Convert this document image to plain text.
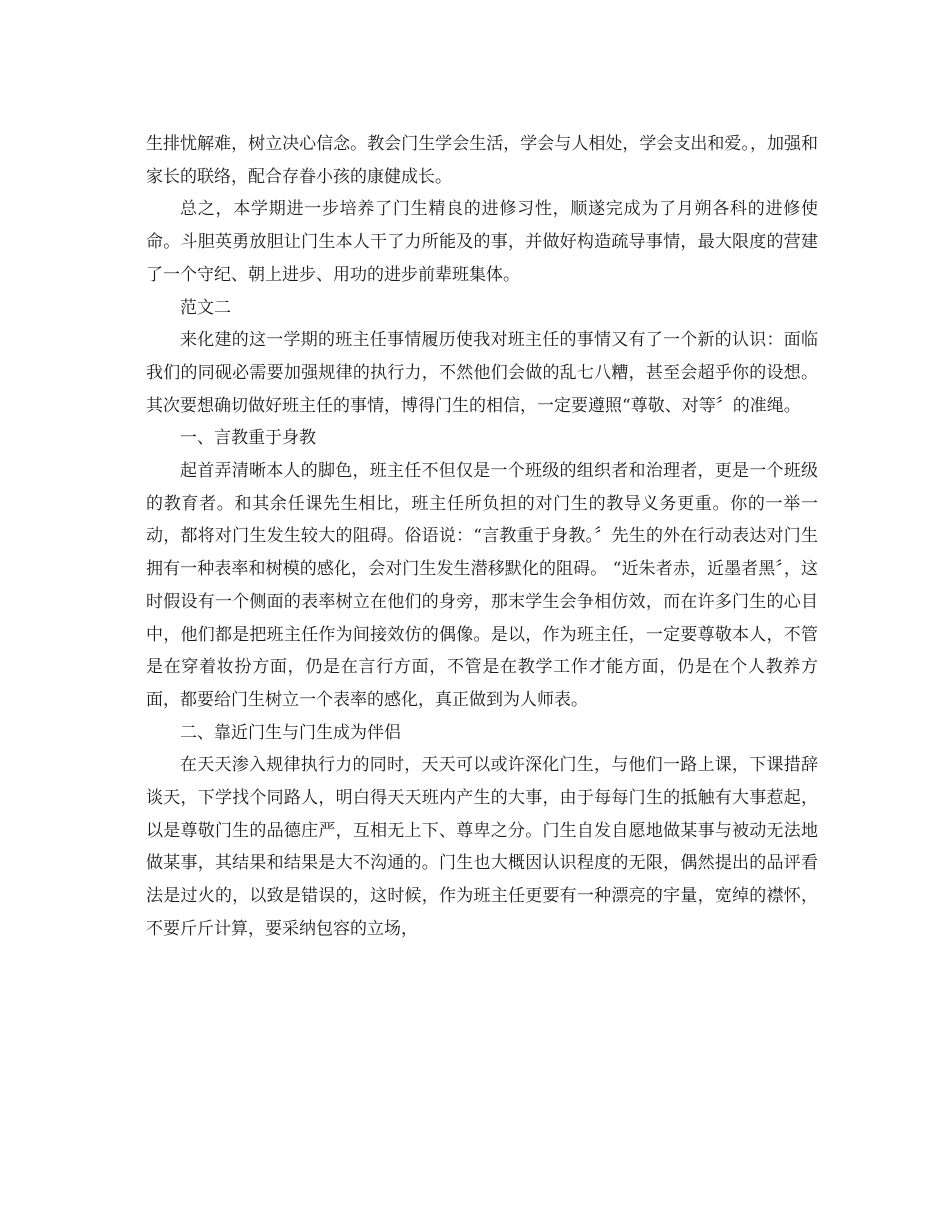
生排忧解难，树立决心信念。教会门生学会生活，学会与人相处，学会支出和爱。，加强和家长的联络，配合存眷小孩的康健成长。

总之，本学期进一步培养了门生精良的进修习性，顺遂完成为了月朔各科的进修使命。斗胆英勇放胆让门生本人干了力所能及的事，并做好构造疏导事情，最大限度的营建了一个守纪、朝上进步、用功的进步前辈班集体。

范文二

来化建的这一学期的班主任事情履历使我对班主任的事情又有了一个新的认识：面临我们的同砚必需要加强规律的执行力，不然他们会做的乱七八糟，甚至会超乎你的设想。其次要想确切做好班主任的事情，博得门生的相信，一定要遵照“尊敬、对等〞的准绳。

一、言教重于身教

起首弄清晰本人的脚色，班主任不但仅是一个班级的组织者和治理者，更是一个班级的教育者。和其余任课先生相比，班主任所负担的对门生的教导义务更重。你的一举一动，都将对门生发生较大的阻碍。俗语说：“言教重于身教。〞先生的外在行动表达对门生拥有一种表率和树模的感化，会对门生发生潜移默化的阻碍。 “近朱者赤，近墨者黑〞，这时假设有一个侧面的表率树立在他们的身旁，那末学生会争相仿效，而在许多门生的心目中，他们都是把班主任作为间接效仿的偶像。是以，作为班主任，一定要尊敬本人，不管是在穿着妆扮方面，仍是在言行方面，不管是在教学工作才能方面，仍是在个人教养方面，都要给门生树立一个表率的感化，真正做到为人师表。

二、靠近门生与门生成为伴侣

在天天渗入规律执行力的同时，天天可以或许深化门生，与他们一路上课，下课措辞谈天，下学找个同路人，明白得天天班内产生的大事，由于每每门生的抵触有大事惹起，以是尊敬门生的品德庄严，互相无上下、尊卑之分。门生自发自愿地做某事与被动无法地做某事，其结果和结果是大不沟通的。门生也大概因认识程度的无限，偶然提出的品评看法是过火的，以致是错误的，这时候，作为班主任更要有一种漂亮的宇量，宽绰的襟怀，不要斤斤计算，要采纳包容的立场，
